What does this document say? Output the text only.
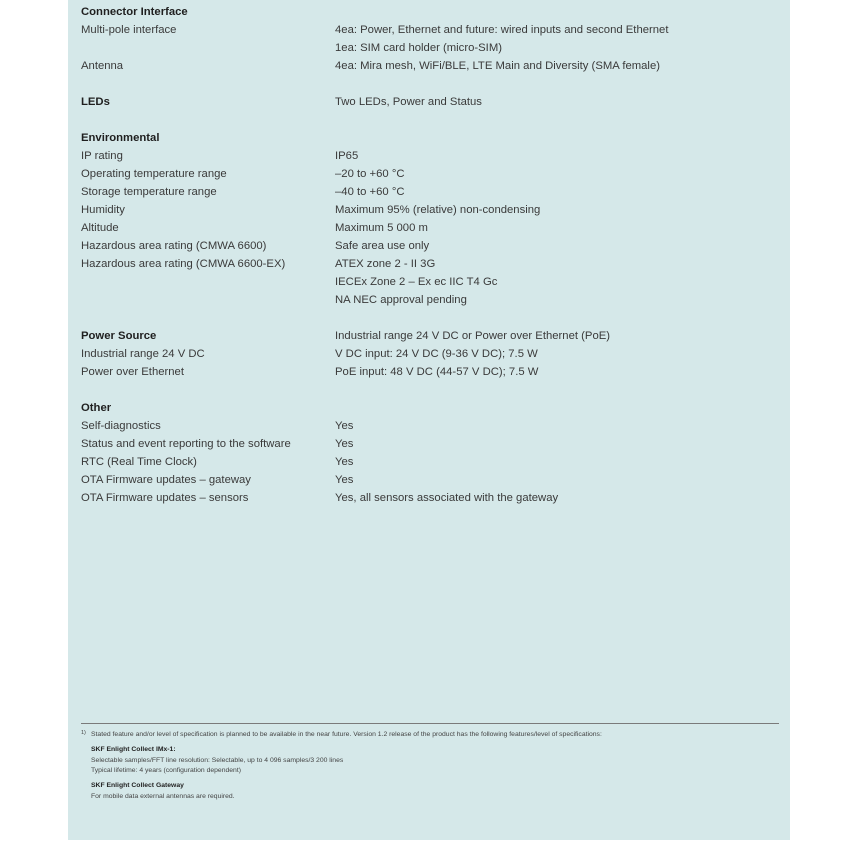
Connector Interface
Multi-pole interface	4ea: Power, Ethernet and future: wired inputs and second Ethernet
1ea: SIM card holder (micro-SIM)
Antenna	4ea: Mira mesh, WiFi/BLE, LTE Main and Diversity (SMA female)
LEDs	Two LEDs, Power and Status
Environmental
IP rating	IP65
Operating temperature range	–20 to +60 °C
Storage temperature range	–40 to +60 °C
Humidity	Maximum 95% (relative) non-condensing
Altitude	Maximum 5 000 m
Hazardous area rating (CMWA 6600)	Safe area use only
Hazardous area rating (CMWA 6600-EX)	ATEX zone 2 - II 3G
IECEx Zone 2 – Ex ec IIC T4 Gc
NA NEC approval pending
Power Source	Industrial range 24 V DC or Power over Ethernet (PoE)
Industrial range 24 V DC	V DC input: 24 V DC (9-36 V DC); 7.5 W
Power over Ethernet	PoE input: 48 V DC (44-57 V DC); 7.5 W
Other
Self-diagnostics	Yes
Status and event reporting to the software	Yes
RTC (Real Time Clock)	Yes
OTA Firmware updates – gateway	Yes
OTA Firmware updates – sensors	Yes, all sensors associated with the gateway
1) Stated feature and/or level of specification is planned to be available in the near future. Version 1.2 release of the product has the following features/level of specifications:
SKF Enlight Collect IMx-1:
Selectable samples/FFT line resolution: Selectable, up to 4 096 samples/3 200 lines
Typical lifetime: 4 years (configuration dependent)
SKF Enlight Collect Gateway
For mobile data external antennas are required.
